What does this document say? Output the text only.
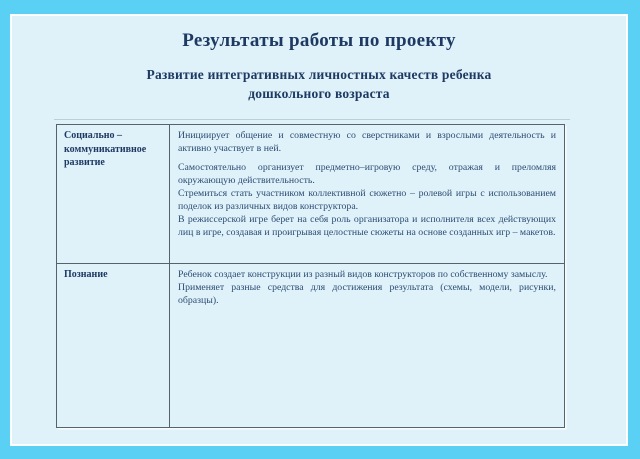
Результаты работы по проекту
Развитие интегративных личностных качеств ребенка
дошкольного возраста
Социально – коммуникативное развитие

Инициирует общение и совместную со сверстниками и взрослыми деятельность и активно участвует в ней.

Самостоятельно организует предметно–игровую среду, отражая и преломляя окружающую действительность.

Стремиться стать участником коллективной сюжетно – ролевой игры с использованием поделок из различных видов конструктора.

В режиссерской игре берет на себя роль организатора и исполнителя всех действующих лиц в игре, создавая и проигрывая целостные сюжеты на основе созданных игр – макетов.

Познание	Ребенок создает конструкции из разный видов конструкторов по собственному замыслу.

Применяет разные средства для достижения результата (схемы, модели, рисунки, образцы).
